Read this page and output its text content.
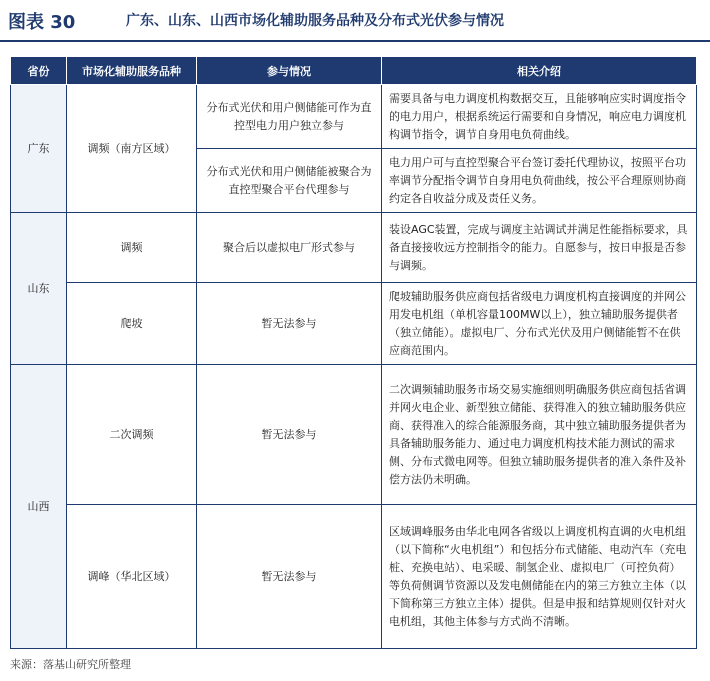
图表 30	广东、山东、山西市场化辅助服务品种及分布式光伏参与情况
省份	市场化辅助服务品种	参与情况	相关介绍
广东	调频（南方区域）	分布式光伏和用户侧储能可作为直控型电力用户独立参与	需要具备与电力调度机构数据交互，且能够响应实时调度指令的电力用户，根据系统运行需要和自身情况，响应电力调度机构调节指令，调节自身用电负荷曲线。
		分布式光伏和用户侧储能被聚合为直控型聚合平台代理参与	电力用户可与直控型聚合平台签订委托代理协议，按照平台功率调节分配指令调节自身用电负荷曲线，按公平合理原则协商约定各自收益分成及责任义务。
山东	调频	聚合后以虚拟电厂形式参与	装设AGC装置，完成与调度主站调试并满足性能指标要求，具备直接接收远方控制指令的能力。自愿参与，按日申报是否参与调频。
	爬坡	暂无法参与	爬坡辅助服务供应商包括省级电力调度机构直接调度的并网公用发电机组（单机容量100MW以上），独立辅助服务提供者（独立储能）。虚拟电厂、分布式光伏及用户侧储能暂不在供应商范围内。
山西	二次调频	暂无法参与	二次调频辅助服务市场交易实施细则明确服务供应商包括省调并网火电企业、新型独立储能、获得准入的独立辅助服务供应商、获得准入的综合能源服务商，其中独立辅助服务提供者为具备辅助服务能力、通过电力调度机构技术能力测试的需求侧、分布式微电网等。但独立辅助服务提供者的准入条件及补偿方法仍未明确。
	调峰（华北区域）	暂无法参与	区域调峰服务由华北电网各省级以上调度机构直调的火电机组（以下简称“火电机组”）和包括分布式储能、电动汽车（充电桩、充换电站）、电采暖、制氢企业、虚拟电厂（可控负荷）等负荷侧调节资源以及发电侧储能在内的第三方独立主体（以下简称第三方独立主体）提供。但是申报和结算规则仅针对火电机组，其他主体参与方式尚不清晰。
来源：落基山研究所整理
